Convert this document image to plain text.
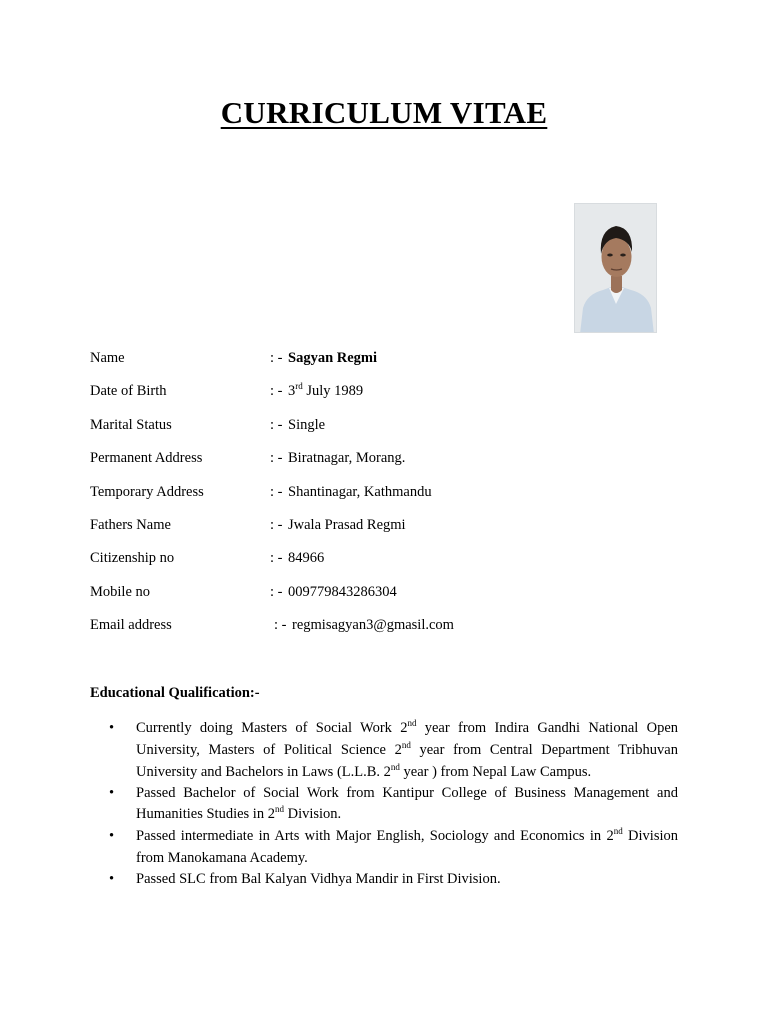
CURRICULUM VITAE
Name	: - Sagyan Regmi
Date of Birth	: - 3rd July 1989
Marital Status	: - Single
Permanent Address	: - Biratnagar, Morang.
Temporary Address	: - Shantinagar, Kathmandu
Fathers Name	: - Jwala Prasad Regmi
Citizenship no	: - 84966
Mobile no	: - 009779843286304
Email address	: - regmisagyan3@gmasil.com
Educational Qualification:-
• Currently doing Masters of Social Work 2nd year from Indira Gandhi National Open University, Masters of Political Science 2nd year from Central Department Tribhuvan University and Bachelors in Laws (L.L.B. 2nd year ) from Nepal Law Campus.
• Passed Bachelor of Social Work from Kantipur College of Business Management and Humanities Studies in 2nd Division.
• Passed intermediate in Arts with Major English, Sociology and Economics in 2nd Division from Manokamana Academy.
• Passed SLC from Bal Kalyan Vidhya Mandir in First Division.
